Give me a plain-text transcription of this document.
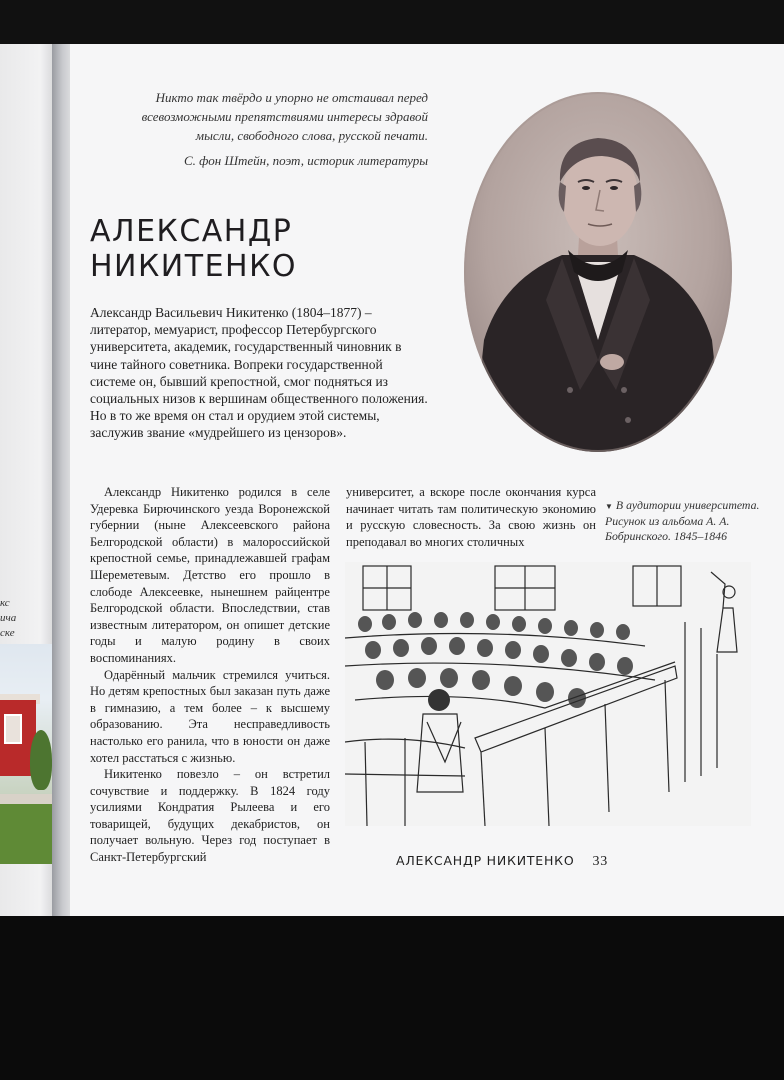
кс
ича
ске

Никто так твёрдо и упорно не отстаивал перед всевозможными препятствиями интересы здравой мысли, свободного слова, русской печати.

С. фон Штейн, поэт, историк литературы

АЛЕКСАНДР
НИКИТЕНКО

Александр Васильевич Никитенко (1804–1877) – литератор, мемуарист, профессор Петербургского университета, академик, государственный чиновник в чине тайного советника. Вопреки государственной системе он, бывший крепостной, смог подняться из социальных низов к вершинам общественного положения. Но в то же время он стал и орудием этой системы, заслужив звание «мудрейшего из цензоров».

Александр Никитенко родился в селе Удеревка Бирючинского уезда Воронежской губернии (ныне Алексеевского района Белгородской области) в малороссийской крепостной семье, принадлежавшей графам Шереметевым. Детство его прошло в слободе Алексеевке, нынешнем райцентре Белгородской области. Впоследствии, став известным литератором, он опишет детские годы и малую родину в своих воспоминаниях.

Одарённый мальчик стремился учиться. Но детям крепостных был заказан путь даже в гимназию, а тем более – к высшему образованию. Эта несправедливость настолько его ранила, что в юности он даже хотел расстаться с жизнью.

Никитенко повезло – он встретил сочувствие и поддержку. В 1824 году усилиями Кондратия Рылеева и его товарищей, будущих декабристов, он получает вольную. Через год поступает в Санкт-Петербургский

университет, а вскоре после окончания курса начинает читать там политическую экономию и русскую словесность. За свою жизнь он преподавал во многих столичных

▼ В аудитории университета. Рисунок из альбома А. А. Бобринского. 1845–1846
АЛЕКСАНДР НИКИТЕНКО 33
